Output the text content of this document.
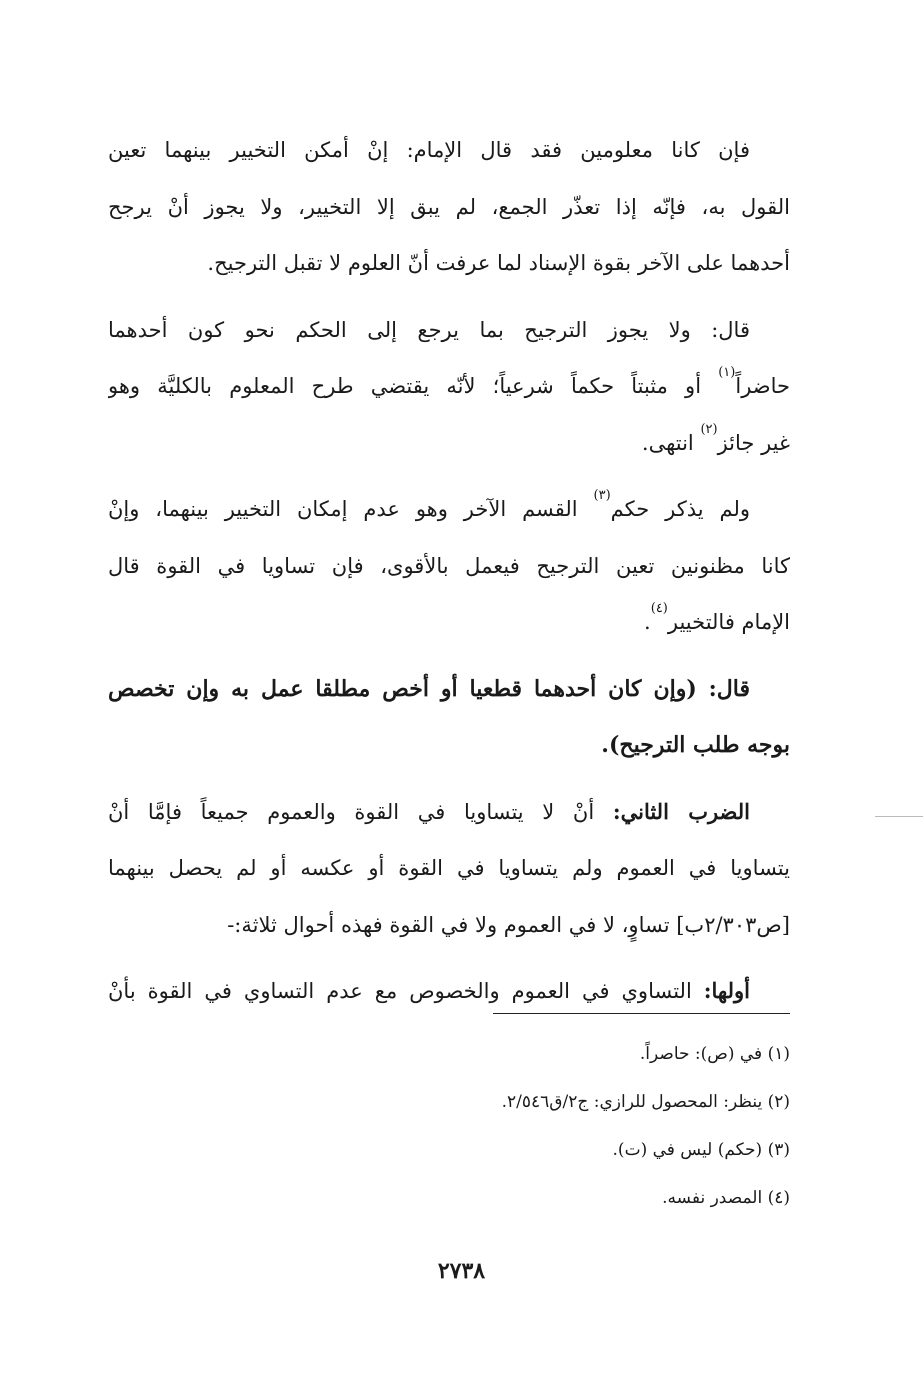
فإن كانا معلومين فقد قال الإمام: إنْ أمكن التخيير بينهما تعين
القول به، فإنّه إذا تعذّر الجمع، لم يبق إلا التخيير، ولا يجوز أنْ يرجح
أحدهما على الآخر بقوة الإسناد لما عرفت أنّ العلوم لا تقبل الترجيح.
قال: ولا يجوز الترجيح بما يرجع إلى الحكم نحو كون أحدهما
حاضراً$^{(١)}$ أو مثبتاً حكماً شرعياً؛ لأنّه يقتضي طرح المعلوم بالكليَّة وهو
غير جائز$^{(٢)}$ انتهى.
ولم يذكر حكم$^{(٣)}$ القسم الآخر وهو عدم إمكان التخيير بينهما، وإنْ
كانا مظنونين تعين الترجيح فيعمل بالأقوى، فإن تساويا في القوة قال
الإمام فالتخيير$^{(٤)}$.
قال: (وإن كان أحدهما قطعيا أو أخص مطلقا عمل به وإن تخصص
بوجه طلب الترجيح).
الضرب الثاني: أنْ لا يتساويا في القوة والعموم جميعاً فإمَّا أنْ
يتساويا في العموم ولم يتساويا في القوة أو عكسه أو لم يحصل بينهما
[ص٢/٣٠٣ب] تساوٍ، لا في العموم ولا في القوة فهذه أحوال ثلاثة:-
أولها: التساوي في العموم والخصوص مع عدم التساوي في القوة بأنْ
(١) في (ص): حاصراً.
(٢) ينظر: المحصول للرازي: ج٢/ق٢/٥٤٦.
(٣) (حكم) ليس في (ت).
(٤) المصدر نفسه.
٢٧٣٨
